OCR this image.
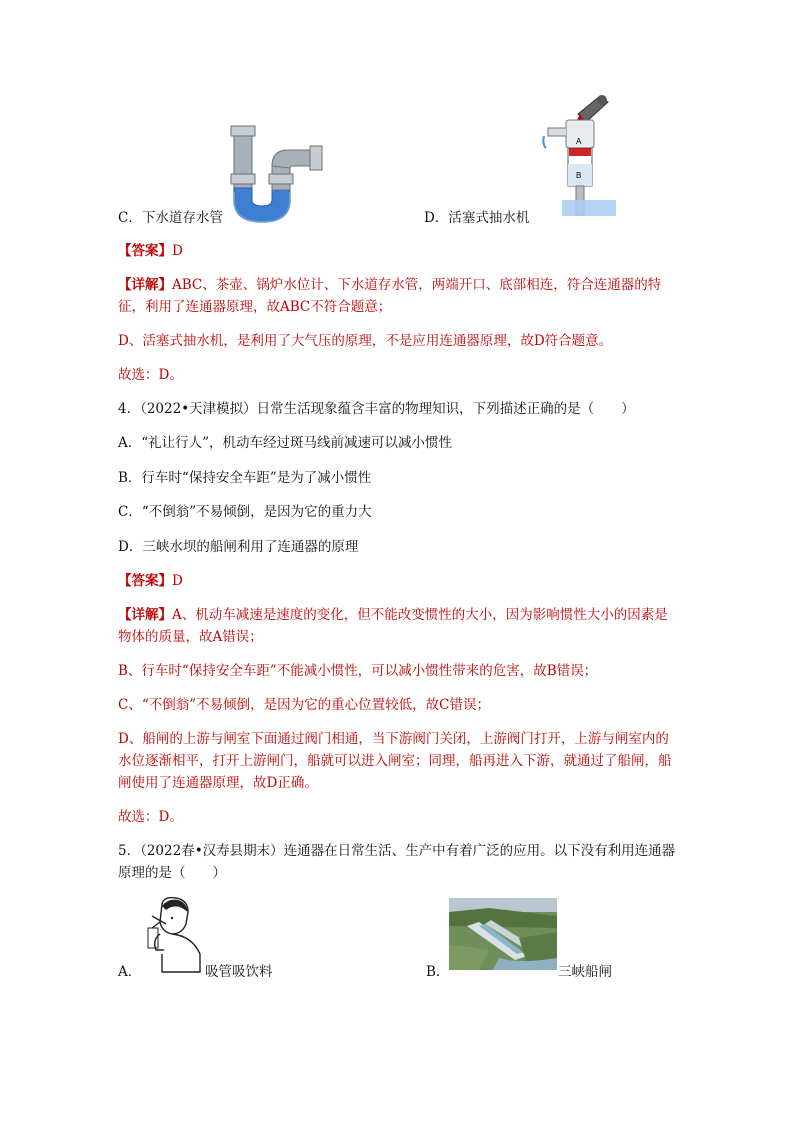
C．下水道存水管
A
B
D．活塞式抽水机
【答案】D
【详解】ABC、茶壶、锅炉水位计、下水道存水管，两端开口、底部相连，符合连通器的特征，利用了连通器原理，故ABC不符合题意；
D、活塞式抽水机，是利用了大气压的原理，不是应用连通器原理，故D符合题意。
故选：D。
4．（2022•天津模拟）日常生活现象蕴含丰富的物理知识，下列描述正确的是（　　）
A．“礼让行人”，机动车经过斑马线前减速可以减小惯性
B．行车时“保持安全车距”是为了减小惯性
C．“不倒翁”不易倾倒，是因为它的重力大
D．三峡水坝的船闸利用了连通器的原理
【答案】D
【详解】A、机动车减速是速度的变化，但不能改变惯性的大小，因为影响惯性大小的因素是物体的质量，故A错误；
B、行车时“保持安全车距”不能减小惯性，可以减小惯性带来的危害，故B错误；
C、“不倒翁”不易倾倒，是因为它的重心位置较低，故C错误；
D、船闸的上游与闸室下面通过阀门相通，当下游阀门关闭，上游阀门打开，上游与闸室内的水位逐渐相平，打开上游闸门，船就可以进入闸室；同理，船再进入下游，就通过了船闸，船闸使用了连通器原理，故D正确。
故选：D。
5．（2022春•汉寿县期末）连通器在日常生活、生产中有着广泛的应用。以下没有利用连通器原理的是（　　）
A．	吸管吸饮料	B．	三峡船闸
